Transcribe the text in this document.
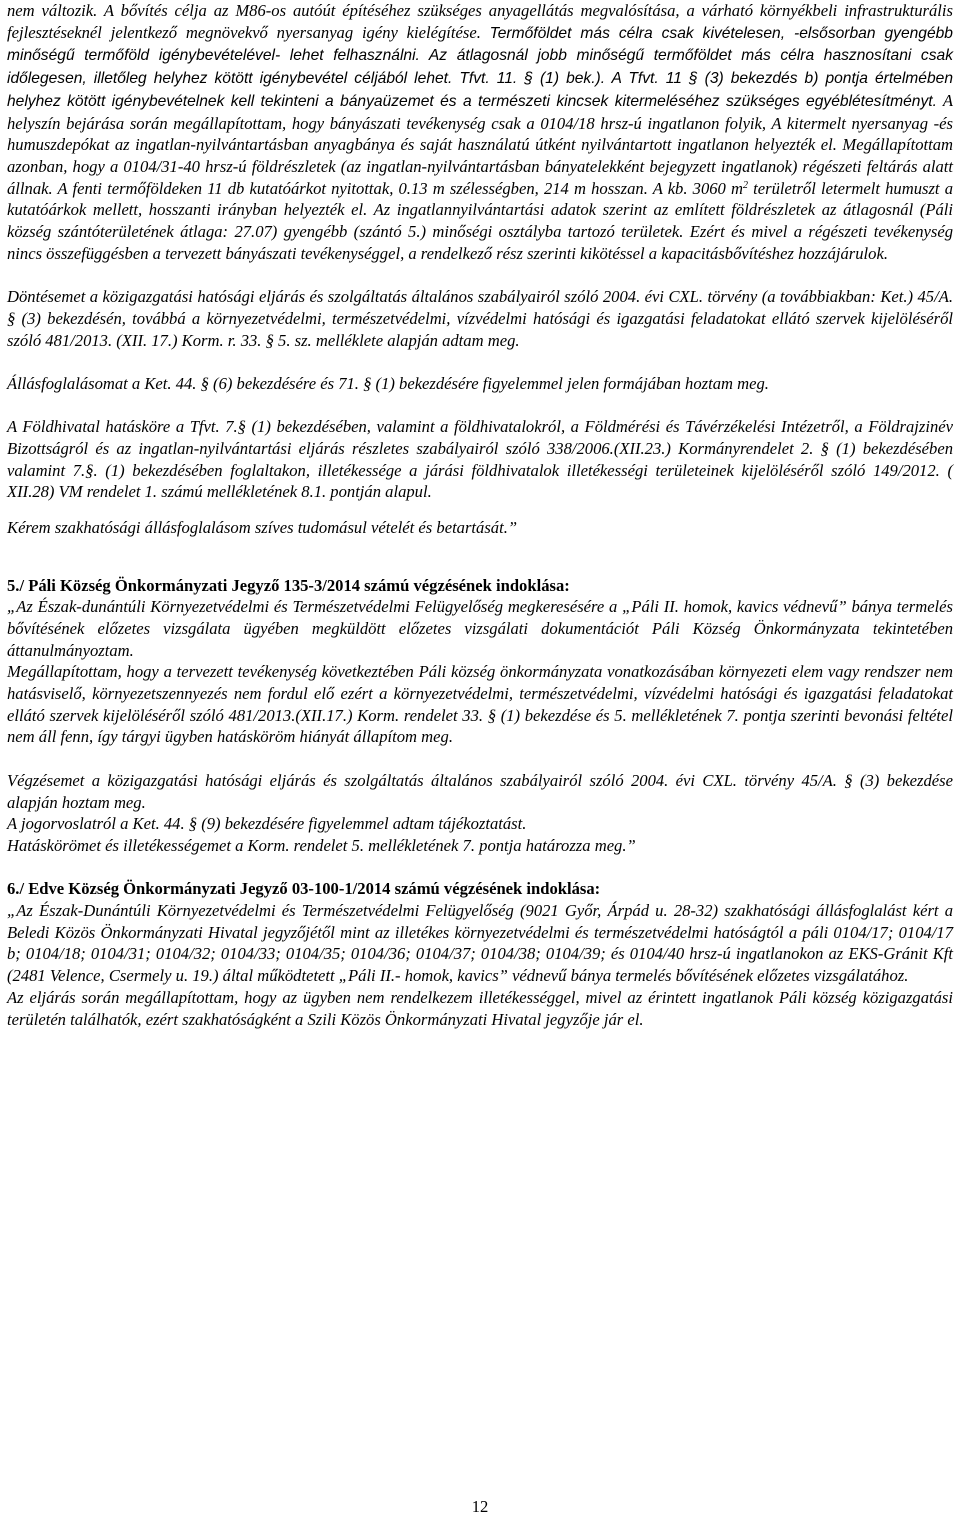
nem változik. A bővítés célja az M86-os autóút építéséhez szükséges anyagellátás megvalósítása, a várható környékbeli infrastrukturális fejlesztéseknél jelentkező megnövekvő nyersanyag igény kielégítése. Termőföldet más célra csak kivételesen, -elsősorban gyengébb minőségű termőföld igénybevételével- lehet felhasználni. Az átlagosnál jobb minőségű termőföldet más célra hasznosítani csak időlegesen, illetőleg helyhez kötött igénybevétel céljából lehet. Tfvt. 11. § (1) bek.). A Tfvt. 11 § (3) bekezdés b) pontja értelmében helyhez kötött igénybevételnek kell tekinteni a bányaüzemet és a természeti kincsek kitermeléséhez szükséges egyéblétesítményt. A helyszín bejárása során megállapítottam, hogy bányászati tevékenység csak a 0104/18 hrsz-ú ingatlanon folyik, A kitermelt nyersanyag -és humuszdepókat az ingatlan-nyilvántartásban anyagbánya és saját használatú útként nyilvántartott ingatlanon helyezték el. Megállapítottam azonban, hogy a 0104/31-40 hrsz-ú földrészletek (az ingatlan-nyilvántartásban bányatelekként bejegyzett ingatlanok) régészeti feltárás alatt állnak. A fenti termőföldeken 11 db kutatóárkot nyitottak, 0.13 m szélességben, 214 m hosszan. A kb. 3060 $m^2$ területről letermelt humuszt a kutatóárkok mellett, hosszanti irányban helyezték el. Az ingatlannyilvántartási adatok szerint az említett földrészletek az átlagosnál (Páli község szántóterületének átlaga: 27.07) gyengébb (szántó 5.) minőségi osztályba tartozó területek. Ezért és mivel a régészeti tevékenység nincs összefüggésben a tervezett bányászati tevékenységgel, a rendelkező rész szerinti kikötéssel a kapacitásbővítéshez hozzájárulok.

Döntésemet a közigazgatási hatósági eljárás és szolgáltatás általános szabályairól szóló 2004. évi CXL. törvény (a továbbiakban: Ket.) 45/A. § (3) bekezdésén, továbbá a környezetvédelmi, természetvédelmi, vízvédelmi hatósági és igazgatási feladatokat ellátó szervek kijelöléséről szóló 481/2013. (XII. 17.) Korm. r. 33. § 5. sz. melléklete alapján adtam meg.

Állásfoglalásomat a Ket. 44. § (6) bekezdésére és 71. § (1) bekezdésére figyelemmel jelen formájában hoztam meg.

A Földhivatal hatásköre a Tfvt. 7.§ (1) bekezdésében, valamint a földhivatalokról, a Földmérési és Távérzékelési Intézetről, a Földrajzinév Bizottságról és az ingatlan-nyilvántartási eljárás részletes szabályairól szóló 338/2006.(XII.23.) Kormányrendelet 2. § (1) bekezdésében valamint 7.§. (1) bekezdésében foglaltakon, illetékessége a járási földhivatalok illetékességi területeinek kijelöléséről szóló 149/2012. ( XII.28) VM rendelet 1. számú mellékletének 8.1. pontján alapul.

Kérem szakhatósági állásfoglalásom szíves tudomásul vételét és betartását.”

5./ Páli Község Önkormányzati Jegyző 135-3/2014 számú végzésének indoklása:

„Az Észak-dunántúli Környezetvédelmi és Természetvédelmi Felügyelőség megkeresésére a „Páli II. homok, kavics védnevű” bánya termelés bővítésének előzetes vizsgálata ügyében megküldött előzetes vizsgálati dokumentációt Páli Község Önkormányzata tekintetében áttanulmányoztam.

Megállapítottam, hogy a tervezett tevékenység következtében Páli község önkormányzata vonatkozásában környezeti elem vagy rendszer nem hatásviselő, környezetszennyezés nem fordul elő ezért a környezetvédelmi, természetvédelmi, vízvédelmi hatósági és igazgatási feladatokat ellátó szervek kijelöléséről szóló 481/2013.(XII.17.) Korm. rendelet 33. § (1) bekezdése és 5. mellékletének 7. pontja szerinti bevonási feltétel nem áll fenn, így tárgyi ügyben hatásköröm hiányát állapítom meg.

Végzésemet a közigazgatási hatósági eljárás és szolgáltatás általános szabályairól szóló 2004. évi CXL. törvény 45/A. § (3) bekezdése alapján hoztam meg.

A jogorvoslatról a Ket. 44. § (9) bekezdésére figyelemmel adtam tájékoztatást.

Hatáskörömet és illetékességemet a Korm. rendelet 5. mellékletének 7. pontja határozza meg.”

6./ Edve Község Önkormányzati Jegyző 03-100-1/2014 számú végzésének indoklása:

„Az Észak-Dunántúli Környezetvédelmi és Természetvédelmi Felügyelőség (9021 Győr, Árpád u. 28-32) szakhatósági állásfoglalást kért a Beledi Közös Önkormányzati Hivatal jegyzőjétől mint az illetékes környezetvédelmi és természetvédelmi hatóságtól a páli 0104/17; 0104/17 b; 0104/18; 0104/31; 0104/32; 0104/33; 0104/35; 0104/36; 0104/37; 0104/38; 0104/39; és 0104/40 hrsz-ú ingatlanokon az EKS-Gránit Kft (2481 Velence, Csermely u. 19.) által működtetett „Páli II.- homok, kavics” védnevű bánya termelés bővítésének előzetes vizsgálatához.

Az eljárás során megállapítottam, hogy az ügyben nem rendelkezem illetékességgel, mivel az érintett ingatlanok Páli község közigazgatási területén találhatók, ezért szakhatóságként a Szili Közös Önkormányzati Hivatal jegyzője jár el.

12
